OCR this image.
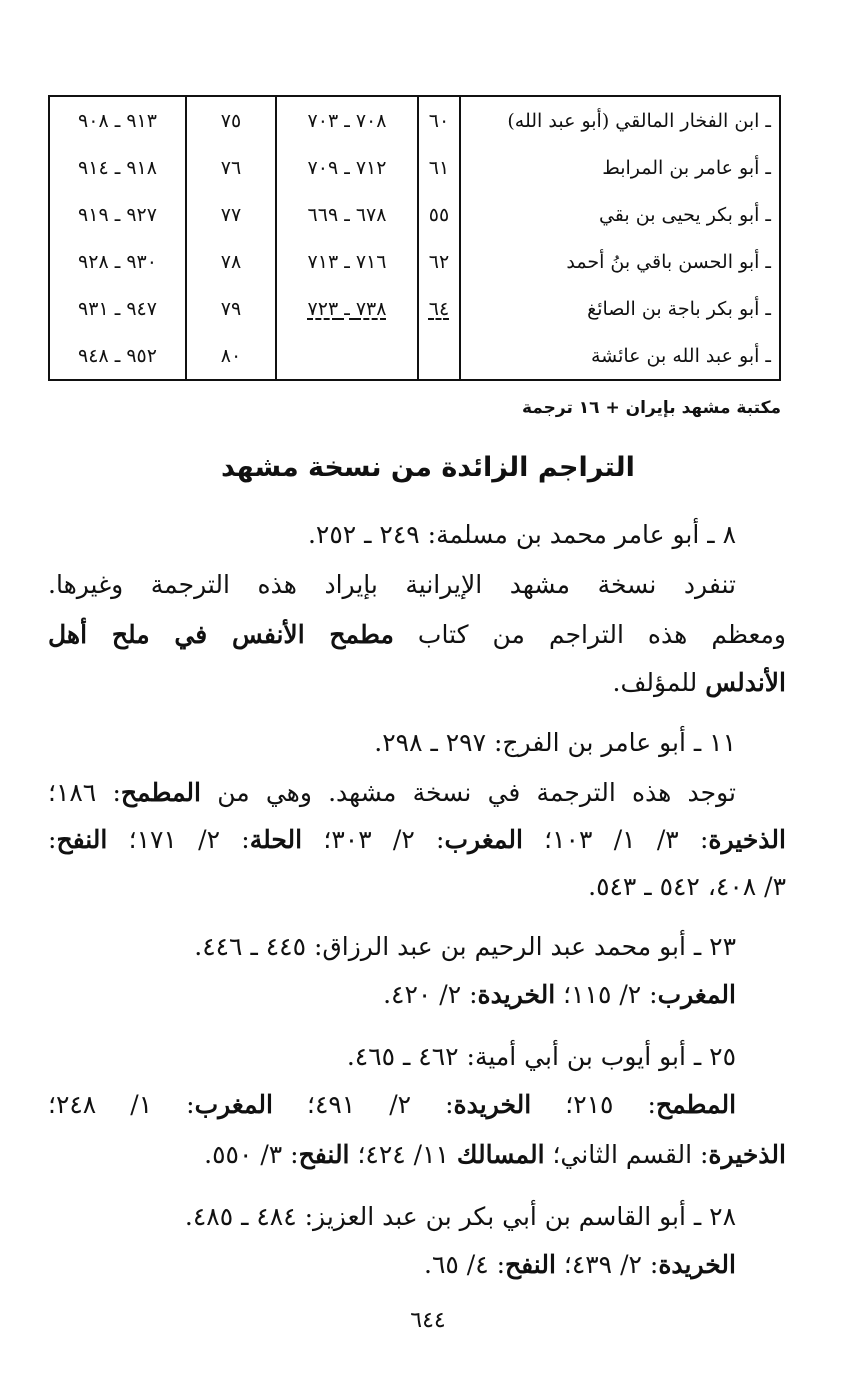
ـ ابن الفخار المالقي (أبو عبد الله)	٦٠	٧٠٨ ـ ٧٠٣	٧٥	٩١٣ ـ ٩٠٨
ـ أبو عامر بن المرابط	٦١	٧١٢ ـ ٧٠٩	٧٦	٩١٨ ـ ٩١٤
ـ أبو بكر يحيى بن بقي	٥٥	٦٧٨ ـ ٦٦٩	٧٧	٩٢٧ ـ ٩١٩
ـ أبو الحسن باقي بنُ أحمد	٦٢	٧١٦ ـ ٧١٣	٧٨	٩٣٠ ـ ٩٢٨
ـ أبو بكر باجة بن الصائغ	٦٤	٧٣٨ ـ ٧٢٣	٧٩	٩٤٧ ـ ٩٣١
ـ أبو عبد الله بن عائشة			٨٠	٩٥٢ ـ ٩٤٨
مكتبة مشهد بإيران + ١٦ ترجمة
التراجم الزائدة من نسخة مشهد
٨ ـ أبو عامر محمد بن مسلمة: ٢٤٩ ـ ٢٥٢.
تنفرد نسخة مشهد الإيرانية بإيراد هذه الترجمة وغيرها.
ومعظم هذه التراجم من كتاب مطمح الأنفس في ملح أهل
الأندلس للمؤلف.
١١ ـ أبو عامر بن الفرج: ٢٩٧ ـ ٢٩٨.
توجد هذه الترجمة في نسخة مشهد. وهي من المطمح: ١٨٦؛
الذخيرة: ٣/ ١/ ١٠٣؛ المغرب: ٢/ ٣٠٣؛ الحلة: ٢/ ١٧١؛ النفح:
٣/ ٤٠٨، ٥٤٢ ـ ٥٤٣.
٢٣ ـ أبو محمد عبد الرحيم بن عبد الرزاق: ٤٤٥ ـ ٤٤٦.
المغرب: ٢/ ١١٥؛ الخريدة: ٢/ ٤٢٠.
٢٥ ـ أبو أيوب بن أبي أمية: ٤٦٢ ـ ٤٦٥.
المطمح: ٢١٥؛ الخريدة: ٢/ ٤٩١؛ المغرب: ١/ ٢٤٨؛
الذخيرة: القسم الثاني؛ المسالك ١١/ ٤٢٤؛ النفح: ٣/ ٥٥٠.
٢٨ ـ أبو القاسم بن أبي بكر بن عبد العزيز: ٤٨٤ ـ ٤٨٥.
الخريدة: ٢/ ٤٣٩؛ النفح: ٤/ ٦٥.
٦٤٤
